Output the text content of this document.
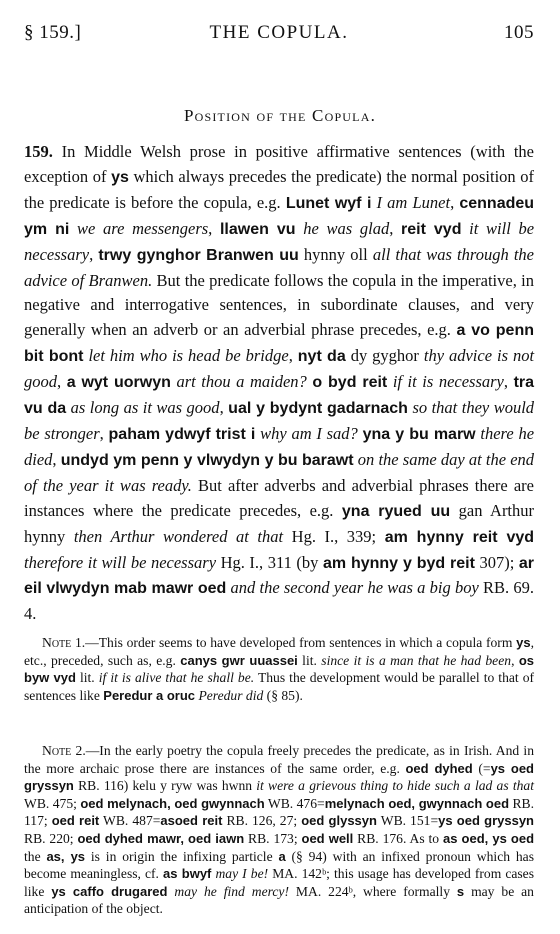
§ 159.]	THE COPULA.	105
Position of the Copula.
159. In Middle Welsh prose in positive affirmative sentences (with the exception of ys which always precedes the predicate) the normal position of the predicate is before the copula, e.g. Lunet wyf i I am Lunet, cennadeu ym ni we are messengers, llawen vu he was glad, reit vyd it will be necessary, trwy gynghor Branwen uu hynny oll all that was through the advice of Branwen. But the predicate follows the copula in the imperative, in negative and interrogative sentences, in subordinate clauses, and very generally when an adverb or an adverbial phrase precedes, e.g. a vo penn bit bont let him who is head be bridge, nyt da dy gyghor thy advice is not good, a wyt uorwyn art thou a maiden? o byd reit if it is necessary, tra vu da as long as it was good, ual y bydynt gadarnach so that they would be stronger, paham ydwyf trist i why am I sad? yna y bu marw there he died, undyd ym penn y vlwydyn y bu barawt on the same day at the end of the year it was ready. But after adverbs and adverbial phrases there are instances where the predicate precedes, e.g. yna ryued uu gan Arthur hynny then Arthur wondered at that Hg. I., 339; am hynny reit vyd therefore it will be necessary Hg. I., 311 (by am hynny y byd reit 307); ar eil vlwydyn mab mawr oed and the second year he was a big boy RB. 69. 4.
Note 1.—This order seems to have developed from sentences in which a copula form ys, etc., preceded, such as, e.g. canys gwr uuassei lit. since it is a man that he had been, os byw vyd lit. if it is alive that he shall be. Thus the development would be parallel to that of sentences like Peredur a oruc Peredur did (§ 85).
Note 2.—In the early poetry the copula freely precedes the predicate, as in Irish. And in the more archaic prose there are instances of the same order, e.g. oed dyhed (=ys oed gryssyn RB. 116) kelu y ryw was hwnn it were a grievous thing to hide such a lad as that WB. 475; oed melynach, oed gwynnach WB. 476=melynach oed, gwynnach oed RB. 117; oed reit WB. 487=asoed reit RB. 126, 27; oed glyssyn WB. 151=ys oed gryssyn RB. 220; oed dyhed mawr, oed iawn RB. 173; oed well RB. 176. As to as oed, ys oed the as, ys is in origin the infixing particle a (§ 94) with an infixed pronoun which has become meaningless, cf. as bwyf may I be! MA. 142ᵇ; this usage has developed from cases like ys caffo drugared may he find mercy! MA. 224ᵇ, where formally s may be an anticipation of the object.
